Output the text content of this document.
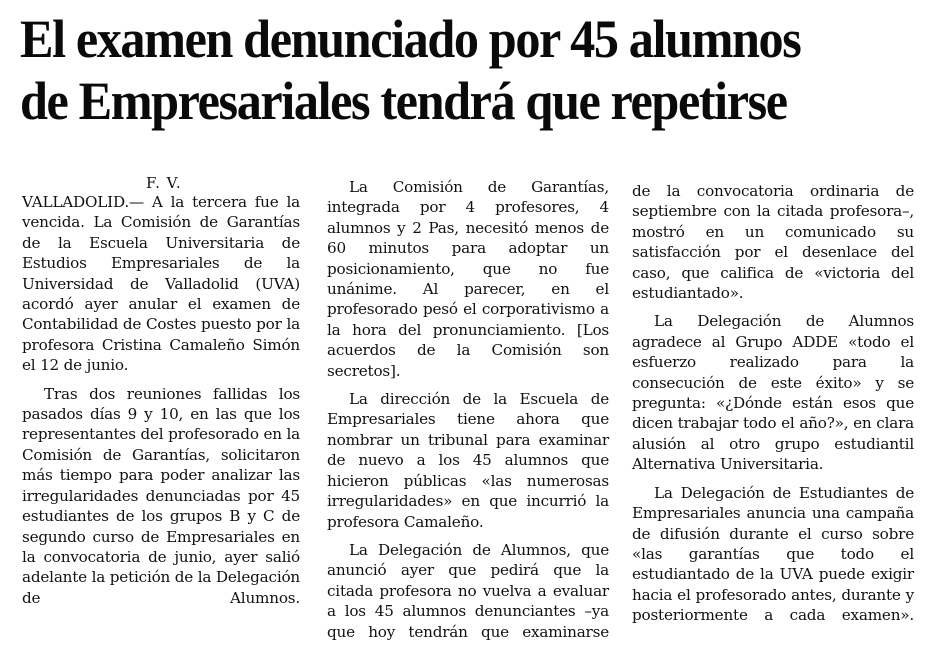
El examen denunciado por 45 alumnos de Empresariales tendrá que repetirse
F. V.

VALLADOLID.— A la tercera fue la vencida. La Comisión de Garantías de la Escuela Universitaria de Estudios Empresariales de la Universidad de Valladolid (UVA) acordó ayer anular el examen de Contabilidad de Costes puesto por la profesora Cristina Camaleño Simón el 12 de junio.

Tras dos reuniones fallidas los pasados días 9 y 10, en las que los representantes del profesorado en la Comisión de Garantías, solicitaron más tiempo para poder analizar las irregularidades denunciadas por 45 estudiantes de los grupos B y C de segundo curso de Empresariales en la convocatoria de junio, ayer salió adelante la petición de la Delegación de Alumnos.

La Comisión de Garantías, integrada por 4 profesores, 4 alumnos y 2 Pas, necesitó menos de 60 minutos para adoptar un posicionamiento, que no fue unánime. Al parecer, en el profesorado pesó el corporativismo a la hora del pronunciamiento. [Los acuerdos de la Comisión son secretos].

La dirección de la Escuela de Empresariales tiene ahora que nombrar un tribunal para examinar de nuevo a los 45 alumnos que hicieron públicas «las numerosas irregularidades» en que incurrió la profesora Camaleño.

La Delegación de Alumnos, que anunció ayer que pedirá que la citada profesora no vuelva a evaluar a los 45 alumnos denunciantes –ya que hoy tendrán que examinarse

de la convocatoria ordinaria de septiembre con la citada profesora–, mostró en un comunicado su satisfacción por el desenlace del caso, que califica de «victoria del estudiantado».

La Delegación de Alumnos agradece al Grupo ADDE «todo el esfuerzo realizado para la consecución de este éxito» y se pregunta: «¿Dónde están esos que dicen trabajar todo el año?», en clara alusión al otro grupo estudiantil Alternativa Universitaria.

La Delegación de Estudiantes de Empresariales anuncia una campaña de difusión durante el curso sobre «las garantías que todo el estudiantado de la UVA puede exigir hacia el profesorado antes, durante y posteriormente a cada examen».
